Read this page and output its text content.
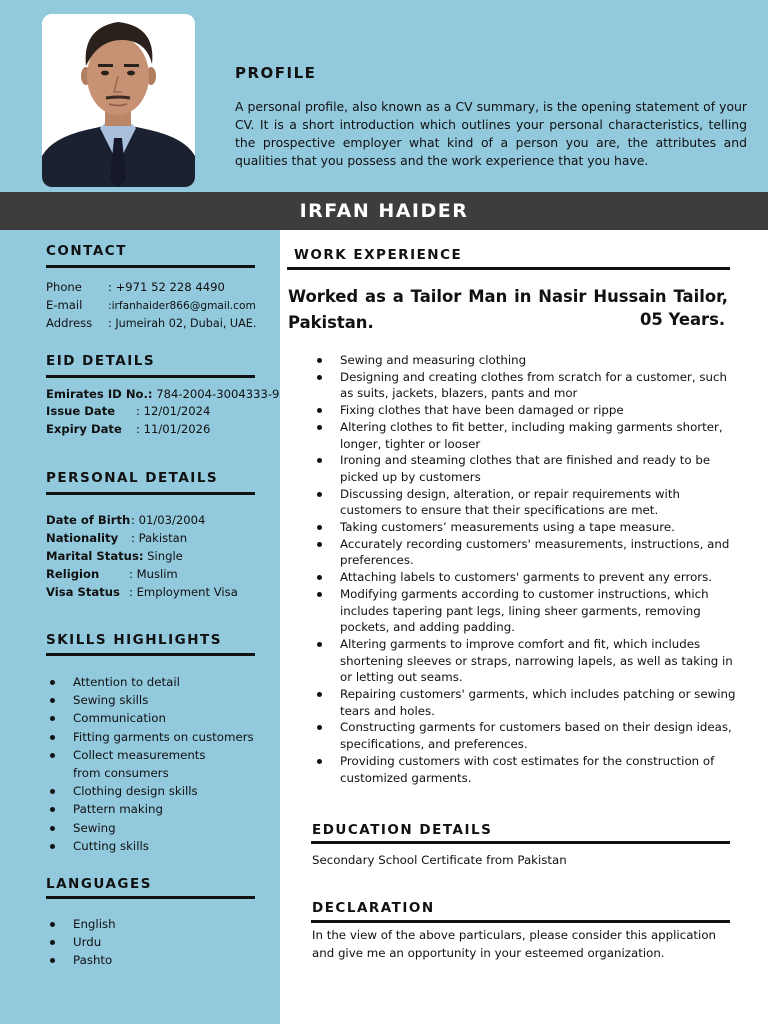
PROFILE
A personal profile, also known as a CV summary, is the opening statement of your CV. It is a short introduction which outlines your personal characteristics, telling the prospective employer what kind of a person you are, the attributes and qualities that you possess and the work experience that you have.
IRFAN HAIDER
CONTACT
Phone : +971 52 228 4490
E-mail :irfanhaider866@gmail.com
Address : Jumeirah 02, Dubai, UAE.
EID DETAILS
Emirates ID No.: 784-2004-3004333-9
Issue Date : 12/01/2024
Expiry Date : 11/01/2026
PERSONAL DETAILS
Date of Birth: 01/03/2004
Nationality : Pakistan
Marital Status: Single
Religion	: Muslim
Visa Status : Employment Visa
SKILLS HIGHLIGHTS
Attention to detail
Sewing skills
Communication
Fitting garments on customers
Collect measurements from consumers
Clothing design skills
Pattern making
Sewing
Cutting skills
LANGUAGES
English
Urdu
Pashto
WORK EXPERIENCE
Worked as a Tailor Man in Nasir Hussain Tailor, Pakistan.	05 Years.
Sewing and measuring clothing
Designing and creating clothes from scratch for a customer, such as suits, jackets, blazers, pants and mor
Fixing clothes that have been damaged or rippe
Altering clothes to fit better, including making garments shorter, longer, tighter or looser
Ironing and steaming clothes that are finished and ready to be picked up by customers
Discussing design, alteration, or repair requirements with customers to ensure that their specifications are met.
Taking customers’ measurements using a tape measure.
Accurately recording customers' measurements, instructions, and preferences.
Attaching labels to customers' garments to prevent any errors.
Modifying garments according to customer instructions, which includes tapering pant legs, lining sheer garments, removing pockets, and adding padding.
Altering garments to improve comfort and fit, which includes shortening sleeves or straps, narrowing lapels, as well as taking in or letting out seams.
Repairing customers' garments, which includes patching or sewing tears and holes.
Constructing garments for customers based on their design ideas, specifications, and preferences.
Providing customers with cost estimates for the construction of customized garments.
EDUCATION DETAILS
Secondary School Certificate from Pakistan
DECLARATION
In the view of the above particulars, please consider this application and give me an opportunity in your esteemed organization.
